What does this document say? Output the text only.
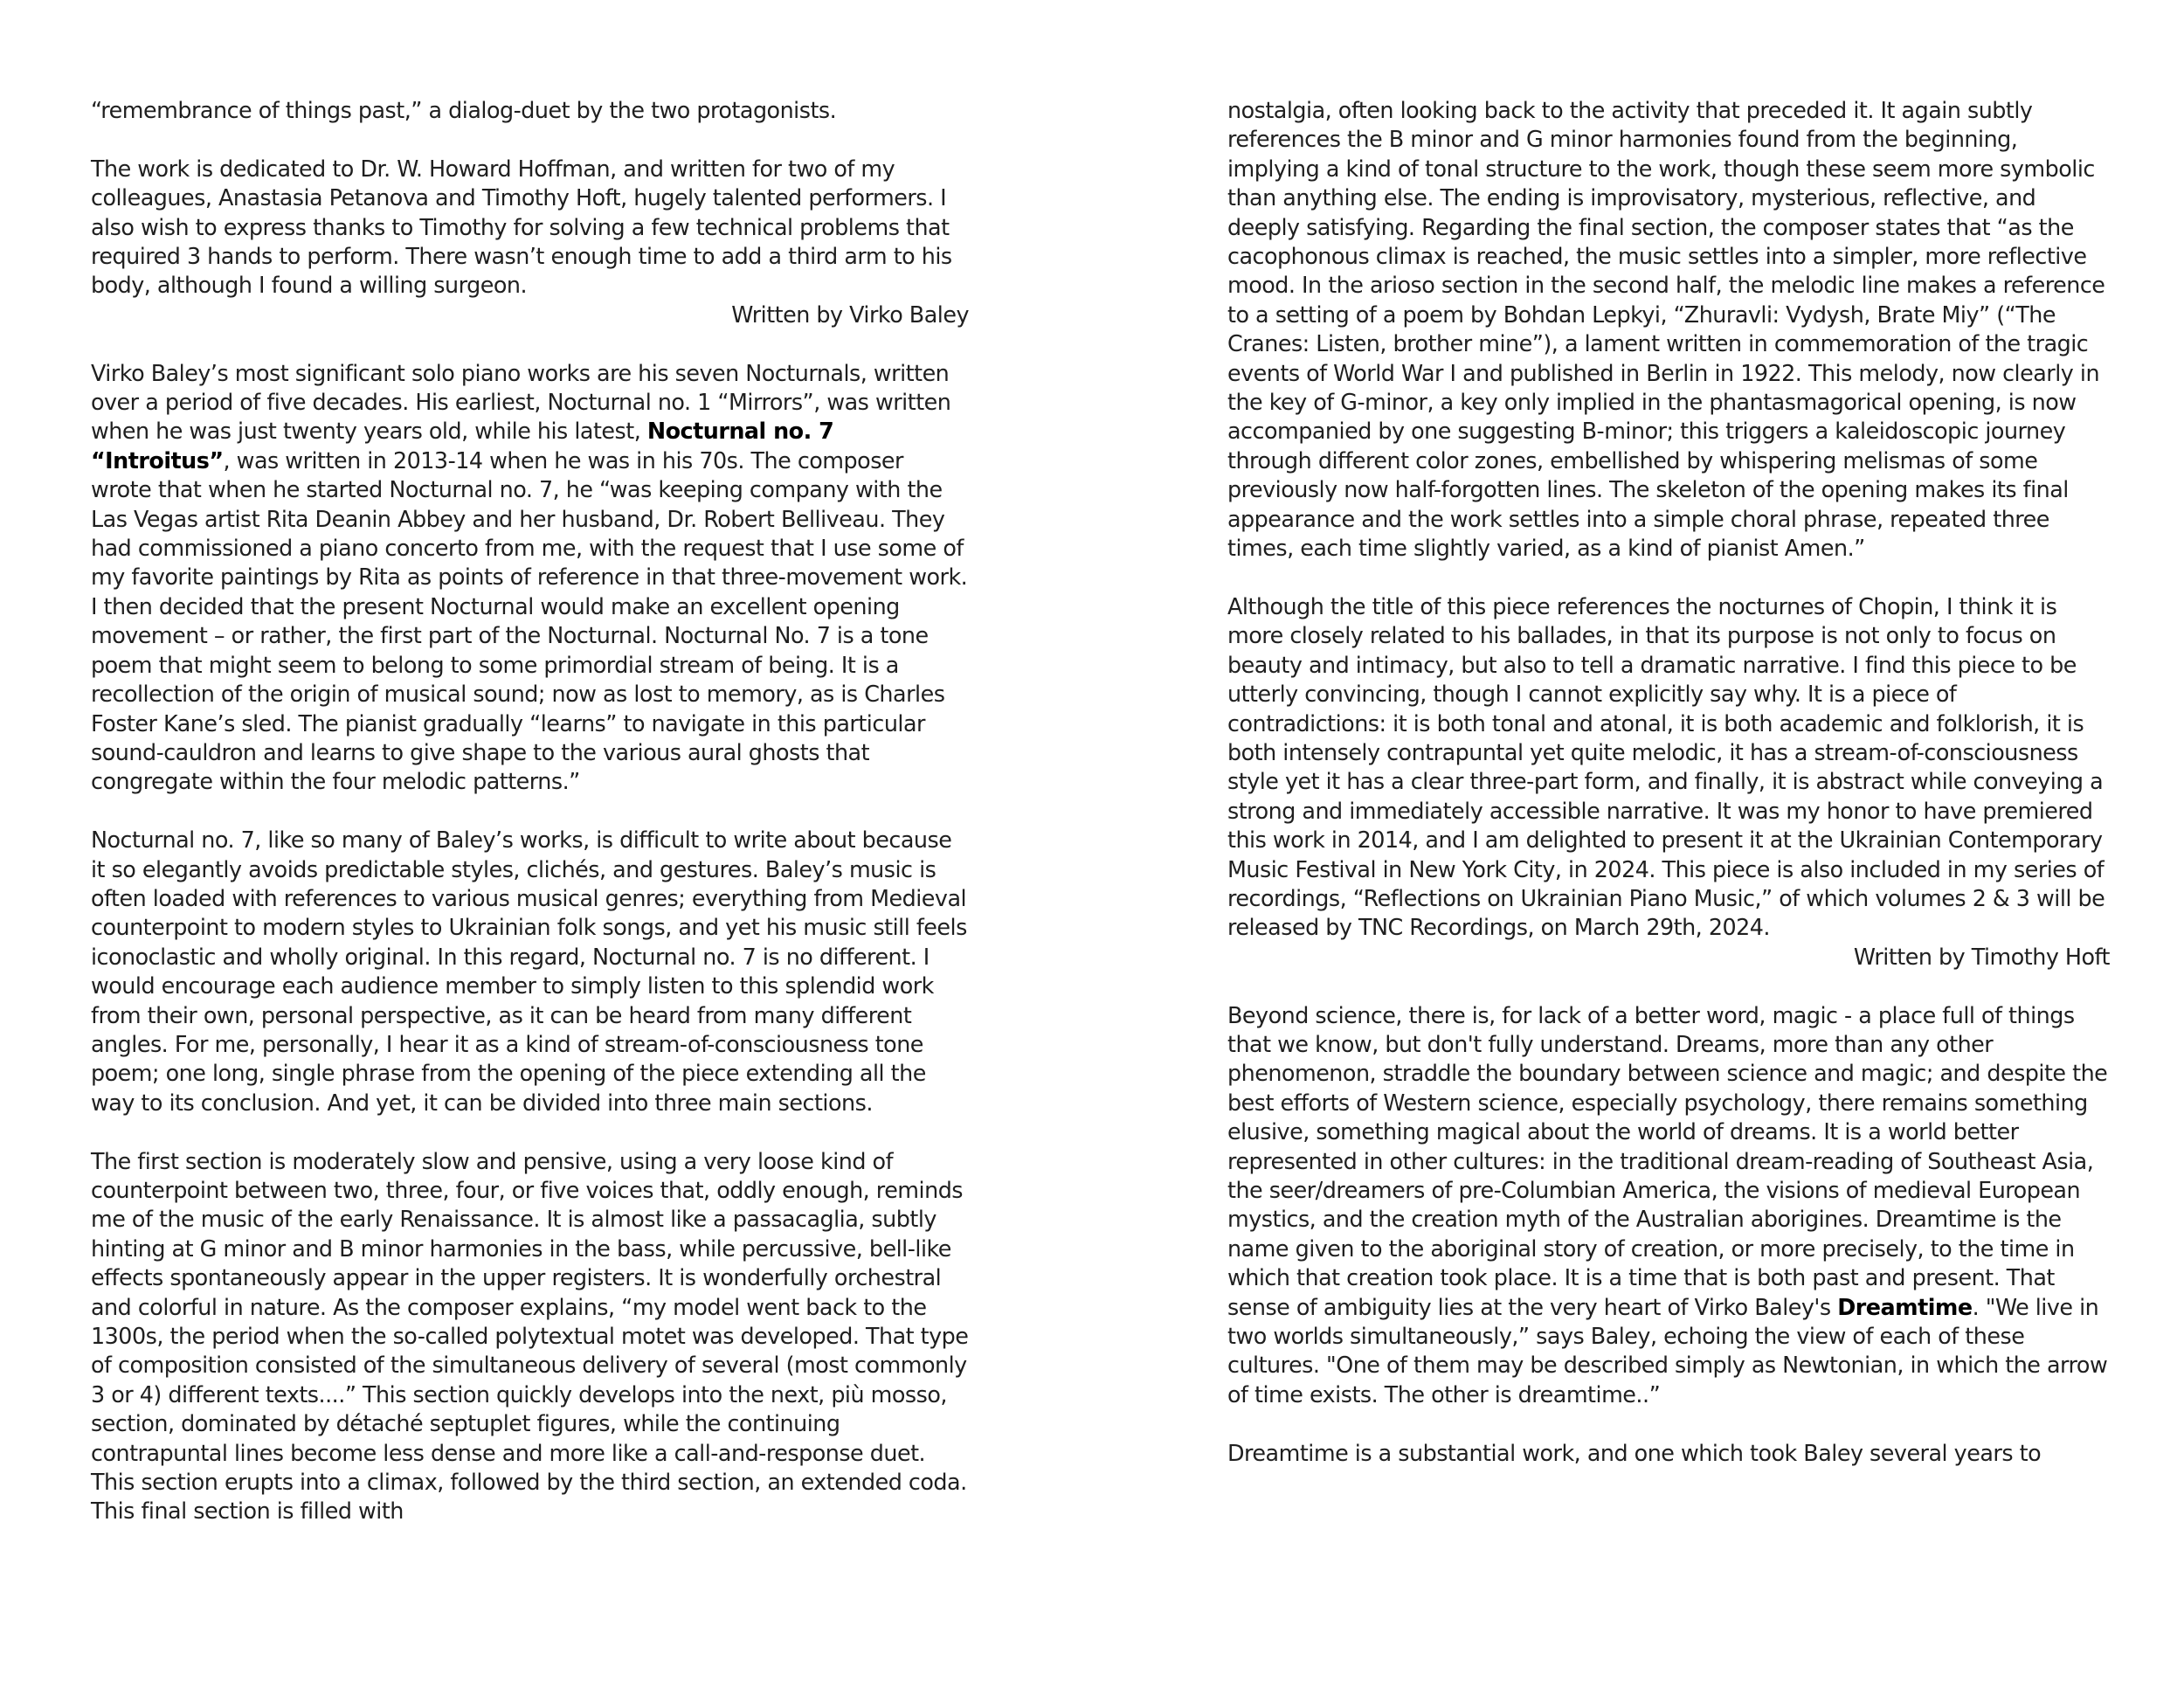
“remembrance of things past,” a dialog-duet by the two protagonists.

The work is dedicated to Dr. W. Howard Hoffman, and written for two of my colleagues, Anastasia Petanova and Timothy Hoft, hugely talented performers. I also wish to express thanks to Timothy for solving a few technical problems that required 3 hands to perform. There wasn’t enough time to add a third arm to his body, although I found a willing surgeon.

Written by Virko Baley

Virko Baley’s most significant solo piano works are his seven Nocturnals, written over a period of five decades. His earliest, Nocturnal no. 1 “Mirrors”, was written when he was just twenty years old, while his latest, Nocturnal no. 7 “Introitus”, was written in 2013-14 when he was in his 70s. The composer wrote that when he started Nocturnal no. 7, he “was keeping company with the Las Vegas artist Rita Deanin Abbey and her husband, Dr. Robert Belliveau. They had commissioned a piano concerto from me, with the request that I use some of my favorite paintings by Rita as points of reference in that three-movement work. I then decided that the present Nocturnal would make an excellent opening movement – or rather, the first part of the Nocturnal. Nocturnal No. 7 is a tone poem that might seem to belong to some primordial stream of being. It is a recollection of the origin of musical sound; now as lost to memory, as is Charles Foster Kane’s sled. The pianist gradually “learns” to navigate in this particular sound-cauldron and learns to give shape to the various aural ghosts that congregate within the four melodic patterns.”

Nocturnal no. 7, like so many of Baley’s works, is difficult to write about because it so elegantly avoids predictable styles, clichés, and gestures. Baley’s music is often loaded with references to various musical genres; everything from Medieval counterpoint to modern styles to Ukrainian folk songs, and yet his music still feels iconoclastic and wholly original. In this regard, Nocturnal no. 7 is no different. I would encourage each audience member to simply listen to this splendid work from their own, personal perspective, as it can be heard from many different angles. For me, personally, I hear it as a kind of stream-of-consciousness tone poem; one long, single phrase from the opening of the piece extending all the way to its conclusion. And yet, it can be divided into three main sections.

The first section is moderately slow and pensive, using a very loose kind of counterpoint between two, three, four, or five voices that, oddly enough, reminds me of the music of the early Renaissance. It is almost like a passacaglia, subtly hinting at G minor and B minor harmonies in the bass, while percussive, bell-like effects spontaneously appear in the upper registers. It is wonderfully orchestral and colorful in nature. As the composer explains, “my model went back to the 1300s, the period when the so-called polytextual motet was developed. That type of composition consisted of the simultaneous delivery of several (most commonly 3 or 4) different texts....” This section quickly develops into the next, più mosso, section, dominated by détaché septuplet figures, while the continuing contrapuntal lines become less dense and more like a call-and-response duet. This section erupts into a climax, followed by the third section, an extended coda. This final section is filled with

nostalgia, often looking back to the activity that preceded it. It again subtly references the B minor and G minor harmonies found from the beginning, implying a kind of tonal structure to the work, though these seem more symbolic than anything else. The ending is improvisatory, mysterious, reflective, and deeply satisfying. Regarding the final section, the composer states that “as the cacophonous climax is reached, the music settles into a simpler, more reflective mood. In the arioso section in the second half, the melodic line makes a reference to a setting of a poem by Bohdan Lepkyi, “Zhuravli: Vydysh, Brate Miy” (“The Cranes: Listen, brother mine”), a lament written in commemoration of the tragic events of World War I and published in Berlin in 1922. This melody, now clearly in the key of G-minor, a key only implied in the phantasmagorical opening, is now accompanied by one suggesting B-minor; this triggers a kaleidoscopic journey through different color zones, embellished by whispering melismas of some previously now half-forgotten lines. The skeleton of the opening makes its final appearance and the work settles into a simple choral phrase, repeated three times, each time slightly varied, as a kind of pianist Amen.”

Although the title of this piece references the nocturnes of Chopin, I think it is more closely related to his ballades, in that its purpose is not only to focus on beauty and intimacy, but also to tell a dramatic narrative. I find this piece to be utterly convincing, though I cannot explicitly say why. It is a piece of contradictions: it is both tonal and atonal, it is both academic and folklorish, it is both intensely contrapuntal yet quite melodic, it has a stream-of-consciousness style yet it has a clear three-part form, and finally, it is abstract while conveying a strong and immediately accessible narrative. It was my honor to have premiered this work in 2014, and I am delighted to present it at the Ukrainian Contemporary Music Festival in New York City, in 2024. This piece is also included in my series of recordings, “Reflections on Ukrainian Piano Music,” of which volumes 2 & 3 will be released by TNC Recordings, on March 29th, 2024.

Written by Timothy Hoft

Beyond science, there is, for lack of a better word, magic - a place full of things that we know, but don't fully understand. Dreams, more than any other phenomenon, straddle the boundary between science and magic; and despite the best efforts of Western science, especially psychology, there remains something elusive, something magical about the world of dreams. It is a world better represented in other cultures: in the traditional dream-reading of Southeast Asia, the seer/dreamers of pre-Columbian America, the visions of medieval European mystics, and the creation myth of the Australian aborigines. Dreamtime is the name given to the aboriginal story of creation, or more precisely, to the time in which that creation took place. It is a time that is both past and present. That sense of ambiguity lies at the very heart of Virko Baley's Dreamtime. "We live in two worlds simultaneously,” says Baley, echoing the view of each of these cultures. "One of them may be described simply as Newtonian, in which the arrow of time exists. The other is dreamtime..”

Dreamtime is a substantial work, and one which took Baley several years to
